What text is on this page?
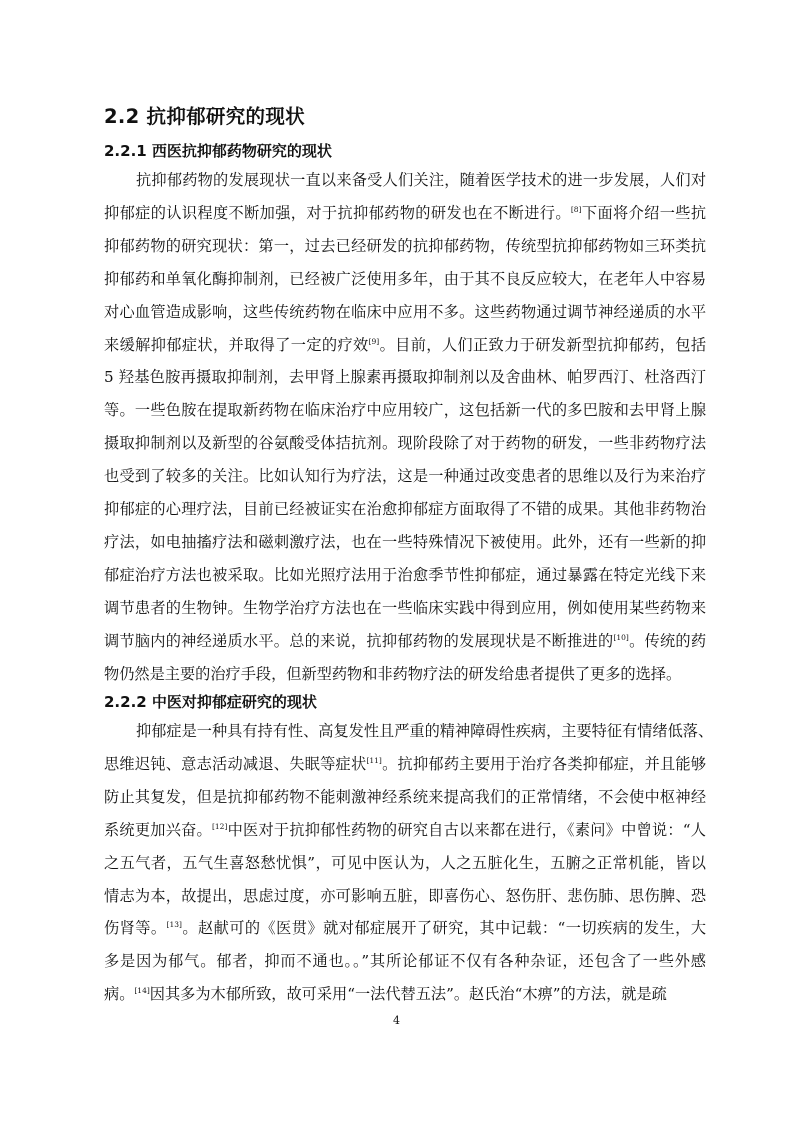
2.2 抗抑郁研究的现状
2.2.1 西医抗抑郁药物研究的现状
抗抑郁药物的发展现状一直以来备受人们关注，随着医学技术的进一步发展，人们对
抑郁症的认识程度不断加强，对于抗抑郁药物的研发也在不断进行。[8]下面将介绍一些抗
抑郁药物的研究现状：第一，过去已经研发的抗抑郁药物，传统型抗抑郁药物如三环类抗
抑郁药和单氧化酶抑制剂，已经被广泛使用多年，由于其不良反应较大，在老年人中容易
对心血管造成影响，这些传统药物在临床中应用不多。这些药物通过调节神经递质的水平
来缓解抑郁症状，并取得了一定的疗效[9]。目前，人们正致力于研发新型抗抑郁药，包括
5 羟基色胺再摄取抑制剂，去甲肾上腺素再摄取抑制剂以及舍曲林、帕罗西汀、杜洛西汀
等。一些色胺在提取新药物在临床治疗中应用较广，这包括新一代的多巴胺和去甲肾上腺
摄取抑制剂以及新型的谷氨酸受体拮抗剂。现阶段除了对于药物的研发，一些非药物疗法
也受到了较多的关注。比如认知行为疗法，这是一种通过改变患者的思维以及行为来治疗
抑郁症的心理疗法，目前已经被证实在治愈抑郁症方面取得了不错的成果。其他非药物治
疗法，如电抽搐疗法和磁刺激疗法，也在一些特殊情况下被使用。此外，还有一些新的抑
郁症治疗方法也被采取。比如光照疗法用于治愈季节性抑郁症，通过暴露在特定光线下来
调节患者的生物钟。生物学治疗方法也在一些临床实践中得到应用，例如使用某些药物来
调节脑内的神经递质水平。总的来说，抗抑郁药物的发展现状是不断推进的[10]。传统的药
物仍然是主要的治疗手段，但新型药物和非药物疗法的研发给患者提供了更多的选择。
2.2.2 中医对抑郁症研究的现状
抑郁症是一种具有持有性、高复发性且严重的精神障碍性疾病，主要特征有情绪低落、
思维迟钝、意志活动减退、失眠等症状[11]。抗抑郁药主要用于治疗各类抑郁症，并且能够
防止其复发，但是抗抑郁药物不能刺激神经系统来提高我们的正常情绪，不会使中枢神经
系统更加兴奋。[12]中医对于抗抑郁性药物的研究自古以来都在进行，《素问》中曾说：“人
之五气者，五气生喜怒愁忧惧”，可见中医认为，人之五脏化生，五腑之正常机能，皆以
情志为本，故提出，思虑过度，亦可影响五脏，即喜伤心、怒伤肝、悲伤肺、思伤脾、恐
伤肾等。[13]。赵献可的《医贯》就对郁症展开了研究，其中记载：“一切疾病的发生，大
多是因为郁气。郁者，抑而不通也。。”其所论郁证不仅有各种杂证，还包含了一些外感
病。[14]因其多为木郁所致，故可采用“一法代替五法”。赵氏治“木痹”的方法，就是疏
4
